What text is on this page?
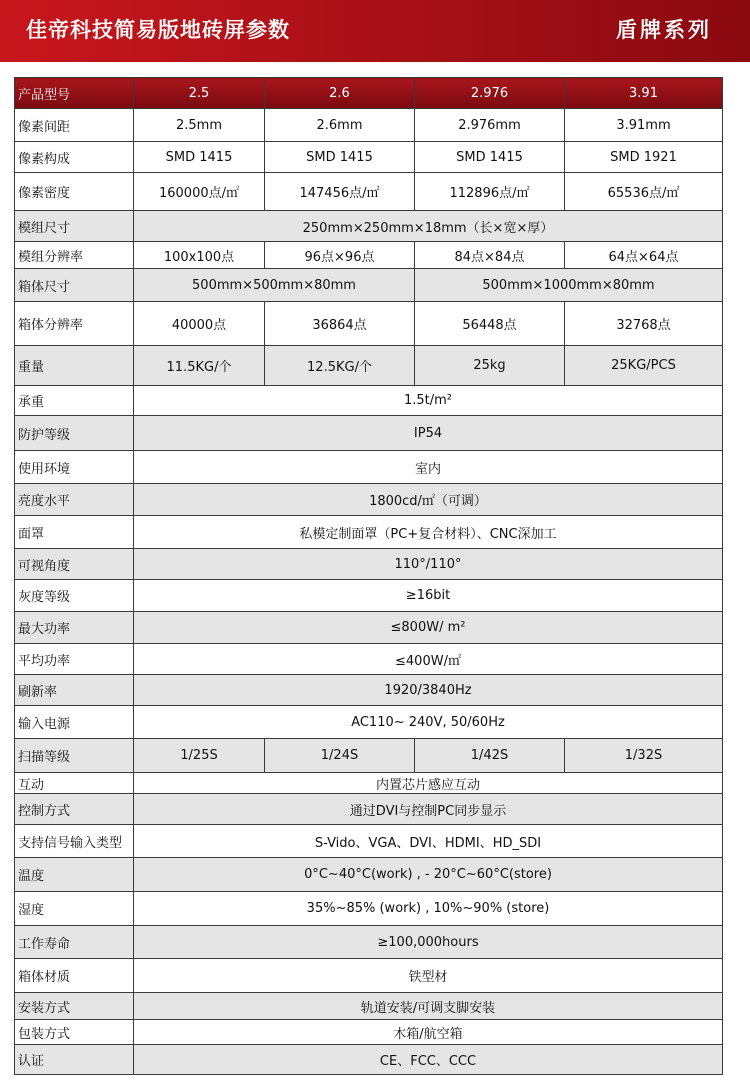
佳帝科技简易版地砖屏参数	盾牌系列
产品型号	2.5	2.6	2.976	3.91
像素间距	2.5mm	2.6mm	2.976mm	3.91mm
像素构成	SMD 1415	SMD 1415	SMD 1415	SMD 1921
像素密度	160000点/㎡	147456点/㎡	112896点/㎡	65536点/㎡
模组尺寸	250mm×250mm×18mm（长×宽×厚）			
模组分辨率	100x100点	96点×96点	84点×84点	64点×64点
箱体尺寸	500mm×500mm×80mm		500mm×1000mm×80mm	
箱体分辨率	40000点	36864点	56448点	32768点
重量	11.5KG/个	12.5KG/个	25kg	25KG/PCS
承重	1.5t/m²			
防护等级	IP54			
使用环境	室内			
亮度水平	1800cd/㎡（可调）			
面罩	私模定制面罩（PC+复合材料）、CNC深加工			
可视角度	110°/110°			
灰度等级	≥16bit			
最大功率	≤800W/ m²			
平均功率	≤400W/㎡			
刷新率	1920/3840Hz			
输入电源	AC110~ 240V, 50/60Hz			
扫描等级	1/25S	1/24S	1/42S	1/32S
互动	内置芯片感应互动			
控制方式	通过DVI与控制PC同步显示			
支持信号输入类型	S-Vido、VGA、DVI、HDMI、HD_SDI			
温度	0°C~40°C(work) , - 20°C~60°C(store)			
湿度	35%~85% (work) , 10%~90% (store)			
工作寿命	≥100,000hours			
箱体材质	铁型材			
安装方式	轨道安装/可调支脚安装			
包装方式	木箱/航空箱			
认证	CE、FCC、CCC			
